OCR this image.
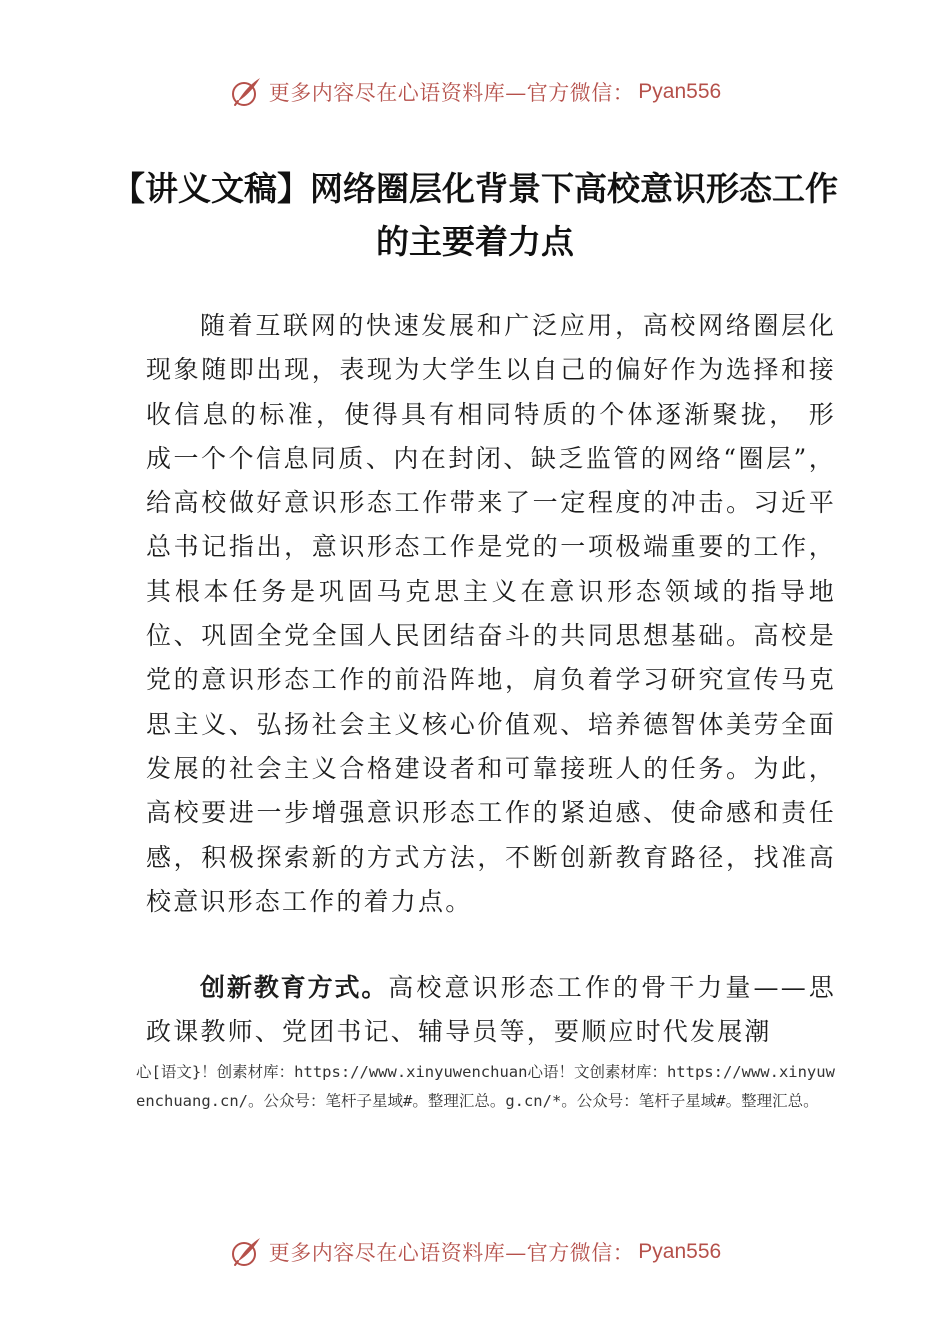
更多内容尽在心语资料库—官方微信： Pyan556
【讲义文稿】网络圈层化背景下高校意识形态工作的主要着力点

随着互联网的快速发展和广泛应用，高校网络圈层化现象随即出现，表现为大学生以自己的偏好作为选择和接收信息的标准，使得具有相同特质的个体逐渐聚拢， 形成一个个信息同质、内在封闭、缺乏监管的网络“圈层”，给高校做好意识形态工作带来了一定程度的冲击。习近平总书记指出，意识形态工作是党的一项极端重要的工作，其根本任务是巩固马克思主义在意识形态领域的指导地位、巩固全党全国人民团结奋斗的共同思想基础。高校是党的意识形态工作的前沿阵地，肩负着学习研究宣传马克思主义、弘扬社会主义核心价值观、培养德智体美劳全面发展的社会主义合格建设者和可靠接班人的任务。为此，高校要进一步增强意识形态工作的紧迫感、使命感和责任感，积极探索新的方式方法，不断创新教育路径，找准高校意识形态工作的着力点。

创新教育方式。高校意识形态工作的骨干力量——思政课教师、党团书记、辅导员等，要顺应时代发展潮

心[语文}！创素材库：https://www.xinyuwenchuan心语！文创素材库：https://www.xinyuwenchuang.cn/。公众号：笔杆子星域#。整理汇总。g.cn/*。公众号：笔杆子星域#。整理汇总。

更多内容尽在心语资料库—官方微信： Pyan556
